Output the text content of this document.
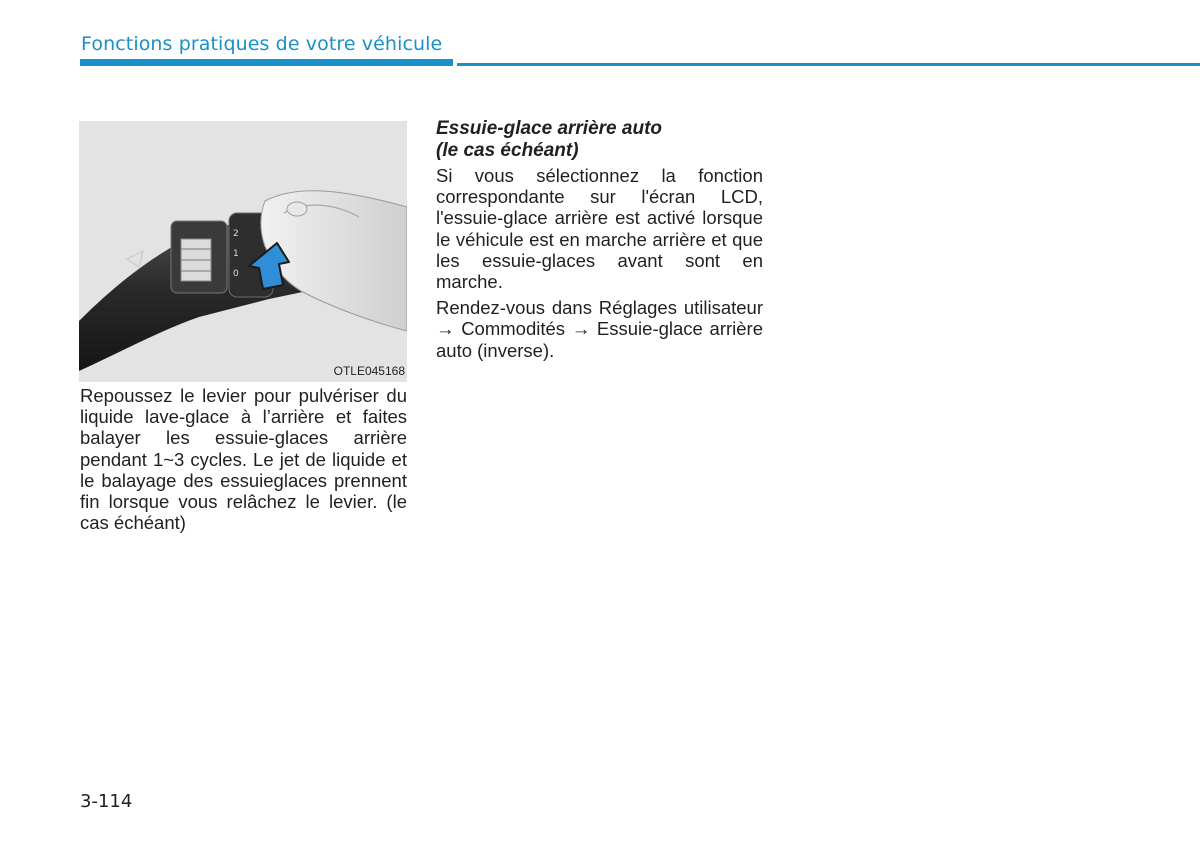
Fonctions pratiques de votre véhicule
2
1
0
OTLE045168

Repoussez le levier pour pulvériser du liquide lave-glace à l’arrière et faites balayer les essuie-glaces arrière pendant 1~3 cycles. Le jet de liquide et le balayage des essuieglaces prennent fin lorsque vous relâchez le levier. (le cas échéant)

Essuie-glace arrière auto
(le cas échéant)

Si vous sélectionnez la fonction correspondante sur l'écran LCD, l'essuie-glace arrière est activé lorsque le véhicule est en marche arrière et que les essuie-glaces avant sont en marche.

Rendez-vous dans Réglages utilisateur → Commodités → Essuie-glace arrière auto (inverse).

3-114
